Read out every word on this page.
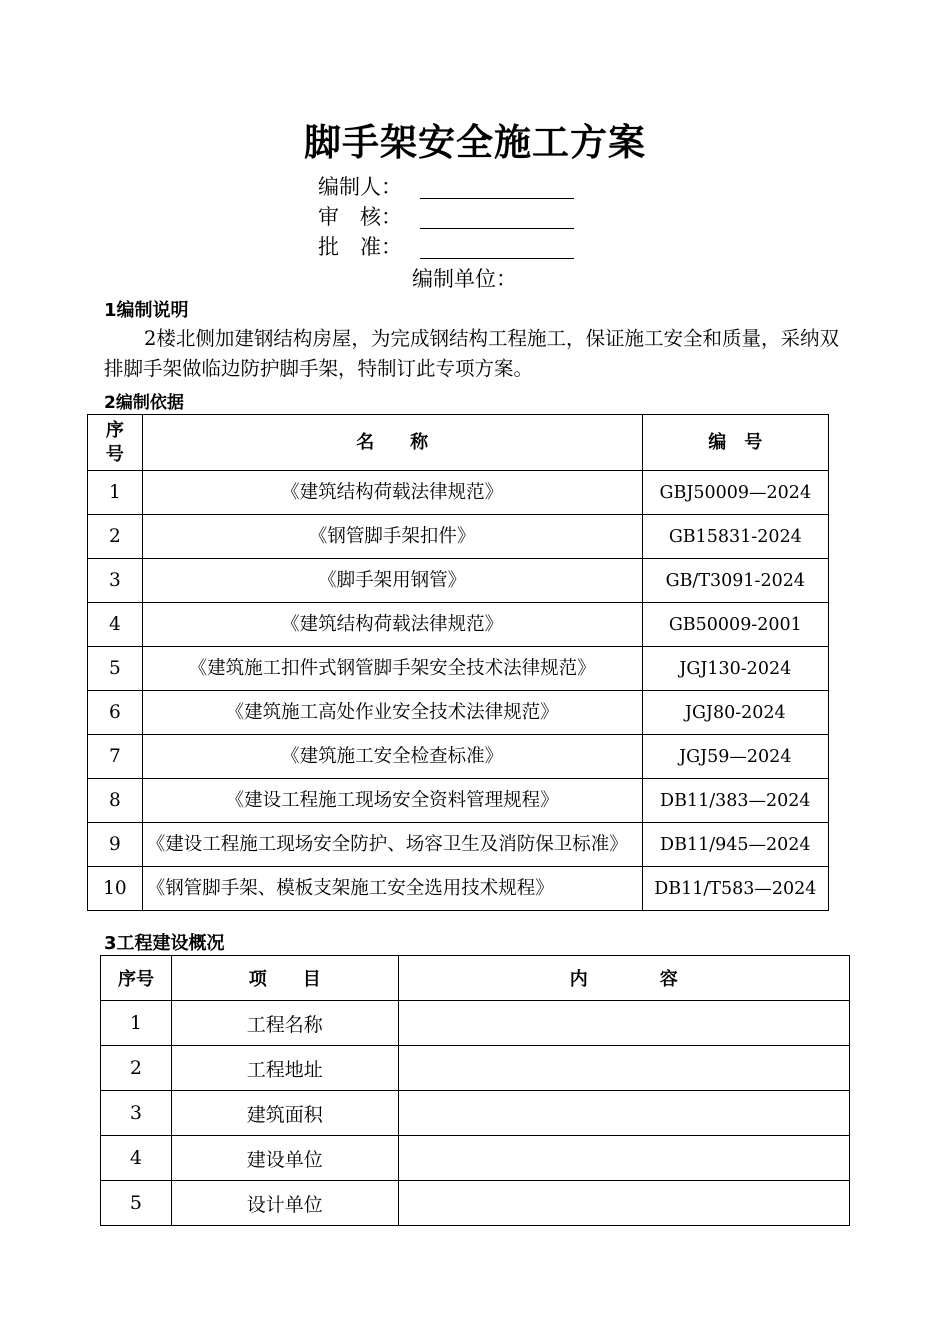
脚手架安全施工方案
编制人：
审　核：
批　准：
编制单位：
1编制说明
2楼北侧加建钢结构房屋，为完成钢结构工程施工，保证施工安全和质量，采纳双排脚手架做临边防护脚手架，特制订此专项方案。
2编制依据
序号	名　　称	编　号
1	《建筑结构荷载法律规范》	GBJ50009—2024
2	《钢管脚手架扣件》	GB15831-2024
3	《脚手架用钢管》	GB/T3091-2024
4	《建筑结构荷载法律规范》	GB50009-2001
5	《建筑施工扣件式钢管脚手架安全技术法律规范》	JGJ130-2024
6	《建筑施工高处作业安全技术法律规范》	JGJ80-2024
7	《建筑施工安全检查标准》	JGJ59—2024
8	《建设工程施工现场安全资料管理规程》	DB11/383—2024
9	《建设工程施工现场安全防护、场容卫生及消防保卫标准》	DB11/945—2024
10	《钢管脚手架、模板支架施工安全选用技术规程》	DB11/T583—2024
3工程建设概况
序号	项　　目	内　　　　容
1	工程名称	
2	工程地址	
3	建筑面积	
4	建设单位	
5	设计单位	
